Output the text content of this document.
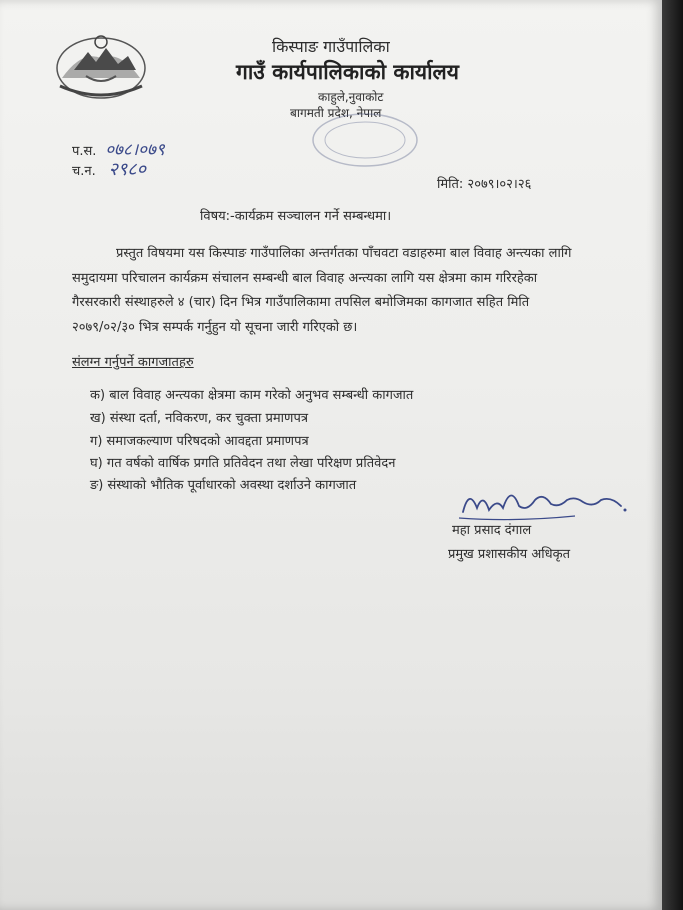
किस्पाङ गाउँपालिका
गाउँ कार्यपालिकाको कार्यालय
काहुले,नुवाकोट
बागमती प्रदेश, नेपाल
प.स. ०७८।०७९
च.न. २९८०
मिति: २०७९।०२।२६
विषय:-कार्यक्रम सञ्चालन गर्ने सम्बन्धमा।
प्रस्तुत विषयमा यस किस्पाङ गाउँपालिका अन्तर्गतका पाँचवटा वडाहरुमा बाल विवाह अन्त्यका लागि
समुदायमा परिचालन कार्यक्रम संचालन सम्बन्धी बाल विवाह अन्त्यका लागि यस क्षेत्रमा काम गरिरहेका
गैरसरकारी संस्थाहरुले ४ (चार) दिन भित्र गाउँपालिकामा तपसिल बमोजिमका कागजात सहित मिति
२०७९/०२/३० भित्र सम्पर्क गर्नुहुन यो सूचना जारी गरिएको छ।
संलग्न गर्नुपर्ने कागजातहरु
क) बाल विवाह अन्त्यका क्षेत्रमा काम गरेको अनुभव सम्बन्धी कागजात
ख) संस्था दर्ता, नविकरण, कर चुक्ता प्रमाणपत्र
ग) समाजकल्याण परिषदको आवद्दता प्रमाणपत्र
घ) गत वर्षको वार्षिक प्रगति प्रतिवेदन तथा लेखा परिक्षण प्रतिवेदन
ङ) संस्थाको भौतिक पूर्वाधारको अवस्था दर्शाउने कागजात
महा प्रसाद दंगाल
प्रमुख प्रशासकीय अधिकृत
